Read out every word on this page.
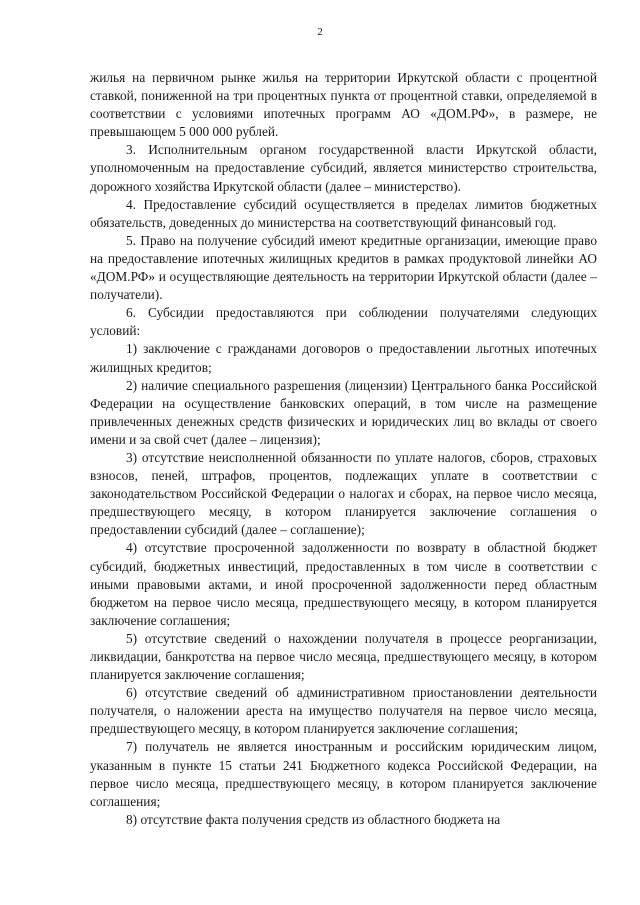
2

жилья на первичном рынке жилья на территории Иркутской области с процентной ставкой, пониженной на три процентных пункта от процентной ставки, определяемой в соответствии с условиями ипотечных программ АО «ДОМ.РФ», в размере, не превышающем 5 000 000 рублей.

3. Исполнительным органом государственной власти Иркутской области, уполномоченным на предоставление субсидий, является министерство строительства, дорожного хозяйства Иркутской области (далее – министерство).

4. Предоставление субсидий осуществляется в пределах лимитов бюджетных обязательств, доведенных до министерства на соответствующий финансовый год.

5. Право на получение субсидий имеют кредитные организации, имеющие право на предоставление ипотечных жилищных кредитов в рамках продуктовой линейки АО «ДОМ.РФ» и осуществляющие деятельность на территории Иркутской области (далее – получатели).

6. Субсидии предоставляются при соблюдении получателями следующих условий:

1) заключение с гражданами договоров о предоставлении льготных ипотечных жилищных кредитов;

2) наличие специального разрешения (лицензии) Центрального банка Российской Федерации на осуществление банковских операций, в том числе на размещение привлеченных денежных средств физических и юридических лиц во вклады от своего имени и за свой счет (далее – лицензия);

3) отсутствие неисполненной обязанности по уплате налогов, сборов, страховых взносов, пеней, штрафов, процентов, подлежащих уплате в соответствии с законодательством Российской Федерации о налогах и сборах, на первое число месяца, предшествующего месяцу, в котором планируется заключение соглашения о предоставлении субсидий (далее – соглашение);

4) отсутствие просроченной задолженности по возврату в областной бюджет субсидий, бюджетных инвестиций, предоставленных в том числе в соответствии с иными правовыми актами, и иной просроченной задолженности перед областным бюджетом на первое число месяца, предшествующего месяцу, в котором планируется заключение соглашения;

5) отсутствие сведений о нахождении получателя в процессе реорганизации, ликвидации, банкротства на первое число месяца, предшествующего месяцу, в котором планируется заключение соглашения;

6) отсутствие сведений об административном приостановлении деятельности получателя, о наложении ареста на имущество получателя на первое число месяца, предшествующего месяцу, в котором планируется заключение соглашения;

7) получатель не является иностранным и российским юридическим лицом, указанным в пункте 15 статьи 241 Бюджетного кодекса Российской Федерации, на первое число месяца, предшествующего месяцу, в котором планируется заключение соглашения;

8) отсутствие факта получения средств из областного бюджета на
